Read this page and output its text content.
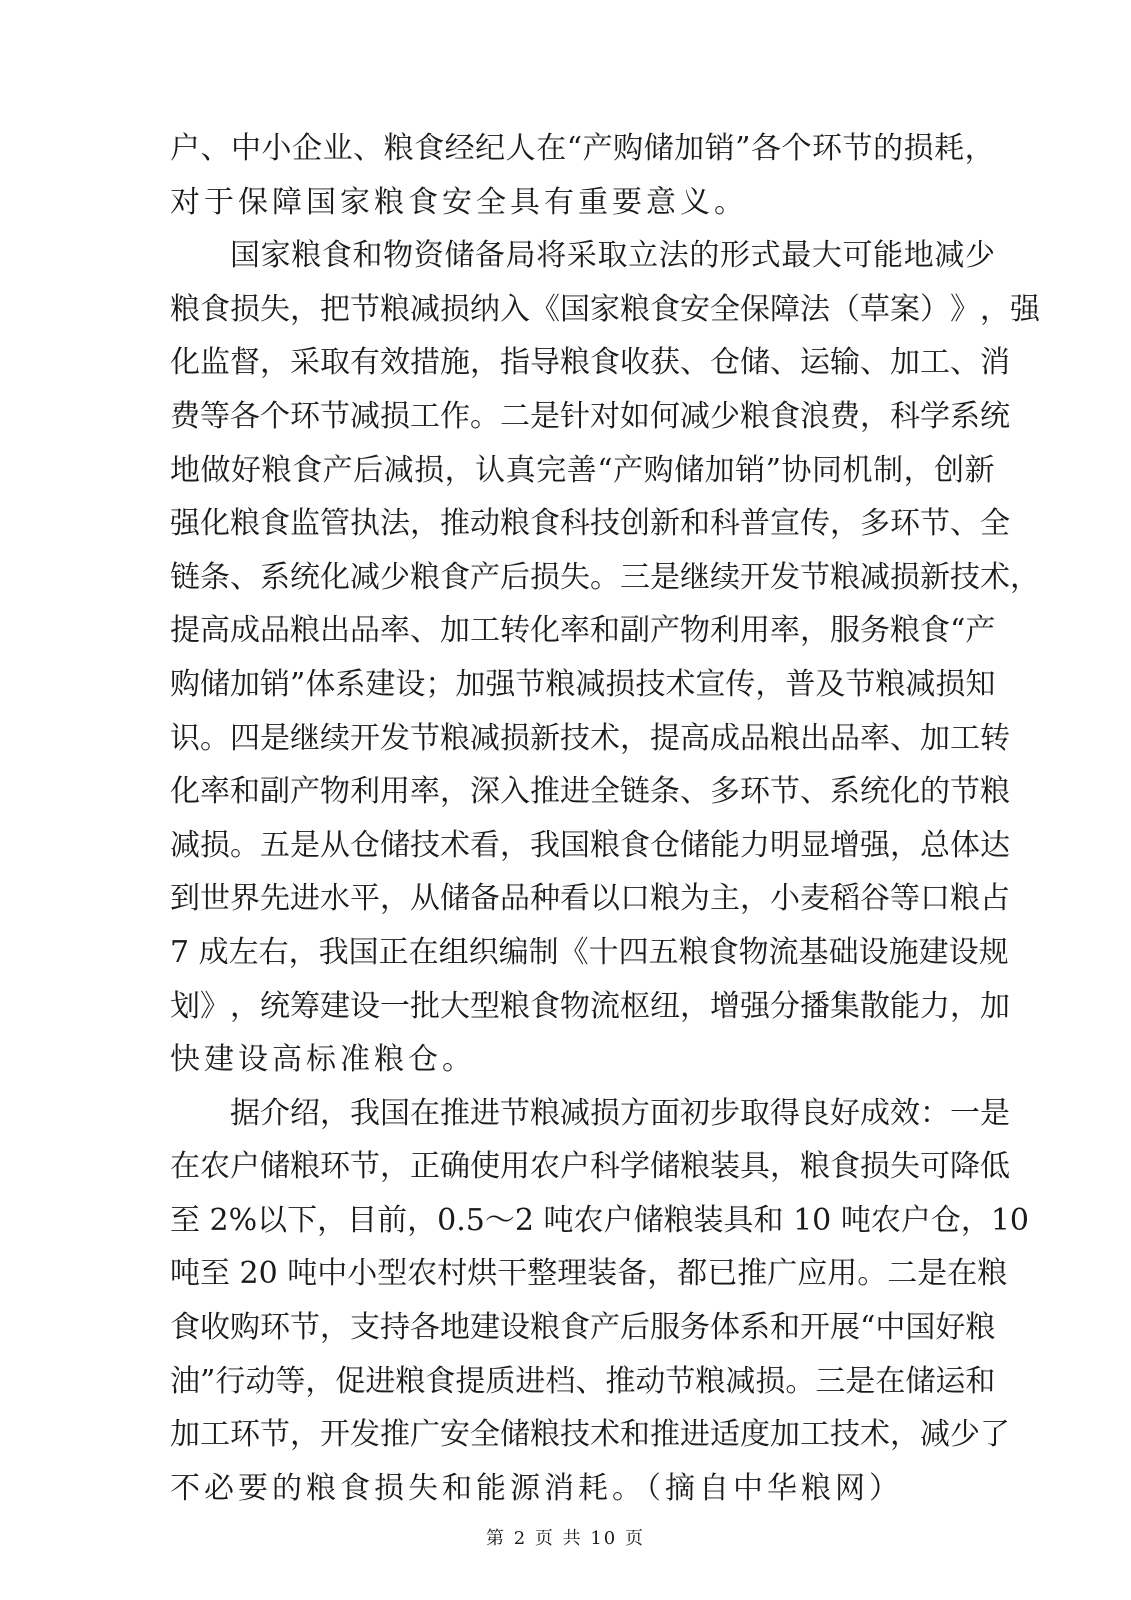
户 、 中 小 企 业 、 粮 食 经 纪 人 在 “ 产 购 储 加 销 ” 各 个 环 节 的 损 耗 ，
对于保障国家粮食安全具有重要意义。
国 家 粮 食 和 物 资 储 备 局 将 采 取 立 法 的 形 式 最 大 可 能 地 减 少
粮 食 损 失 ， 把 节 粮 减 损 纳 入 《 国 家 粮 食 安 全 保 障 法 （ 草 案 ） 》 ， 强
化 监 督 ， 采 取 有 效 措 施 ， 指 导 粮 食 收 获 、 仓 储 、 运 输 、 加 工 、 消
费 等 各 个 环 节 减 损 工 作 。 二 是 针 对 如 何 减 少 粮 食 浪 费 ， 科 学 系 统
地 做 好 粮 食 产 后 减 损 ， 认 真 完 善 “ 产 购 储 加 销 ” 协 同 机 制 ， 创 新
强 化 粮 食 监 管 执 法 ， 推 动 粮 食 科 技 创 新 和 科 普 宣 传 ， 多 环 节 、 全
链 条 、 系 统 化 减 少 粮 食 产 后 损 失 。 三 是 继 续 开 发 节 粮 减 损 新 技 术 ，
提 高 成 品 粮 出 品 率 、 加 工 转 化 率 和 副 产 物 利 用 率 ， 服 务 粮 食 “ 产
购 储 加 销 ” 体 系 建 设 ； 加 强 节 粮 减 损 技 术 宣 传 ， 普 及 节 粮 减 损 知
识 。 四 是 继 续 开 发 节 粮 减 损 新 技 术 ， 提 高 成 品 粮 出 品 率 、 加 工 转
化 率 和 副 产 物 利 用 率 ， 深 入 推 进 全 链 条 、 多 环 节 、 系 统 化 的 节 粮
减 损 。 五 是 从 仓 储 技 术 看 ， 我 国 粮 食 仓 储 能 力 明 显 增 强 ， 总 体 达
到 世 界 先 进 水 平 ， 从 储 备 品 种 看 以 口 粮 为 主 ， 小 麦 稻 谷 等 口 粮 占
7
成 左 右 ， 我 国 正 在 组 织 编 制 《 十 四 五 粮 食 物 流 基 础 设 施 建 设 规
划 》 ， 统 筹 建 设 一 批 大 型 粮 食 物 流 枢 纽 ， 增 强 分 播 集 散 能 力 ， 加
快建设高标准粮仓。
据 介 绍 ， 我 国 在 推 进 节 粮 减 损 方 面 初 步 取 得 良 好 成 效 ： 一 是
在 农 户 储 粮 环 节 ， 正 确 使 用 农 户 科 学 储 粮 装 具 ， 粮 食 损 失 可 降 低
至
2 % 以 下 ， 目 前 ， 0 . 5 ～ 2
吨 农 户 储 粮 装 具 和
1 0
吨 农 户 仓 ， 1 0
吨 至
2 0
吨 中 小 型 农 村 烘 干 整 理 装 备 ， 都 已 推 广 应 用 。 二 是 在 粮
食 收 购 环 节 ， 支 持 各 地 建 设 粮 食 产 后 服 务 体 系 和 开 展 “ 中 国 好 粮
油 ” 行 动 等 ， 促 进 粮 食 提 质 进 档 、 推 动 节 粮 减 损 。 三 是 在 储 运 和
加 工 环 节 ， 开 发 推 广 安 全 储 粮 技 术 和 推 进 适 度 加 工 技 术 ， 减 少 了
不必要的粮食损失和能源消耗。（摘自中华粮网）
第 2 页 共 10 页
